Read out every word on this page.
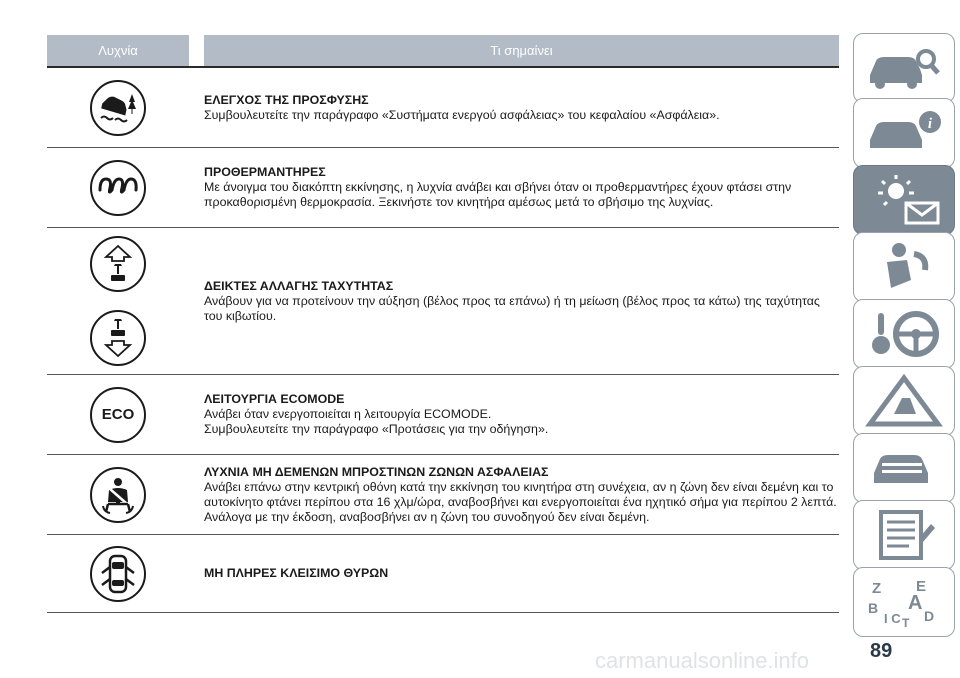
Λυχνία	Τι σημαίνει
ΕΛΕΓΧΟΣ ΤΗΣ ΠΡΟΣΦΥΣΗΣ
Συμβουλευτείτε την παράγραφο «Συστήματα ενεργού ασφάλειας» του κεφαλαίου «Ασφάλεια».
ΠΡΟΘΕΡΜΑΝΤΗΡΕΣ
Με άνοιγμα του διακόπτη εκκίνησης, η λυχνία ανάβει και σβήνει όταν οι προθερμαντήρες έχουν φτάσει στην προκαθορισμένη θερμοκρασία. Ξεκινήστε τον κινητήρα αμέσως μετά το σβήσιμο της λυχνίας.
ΔΕΙΚΤΕΣ ΑΛΛΑΓΗΣ ΤΑΧΥΤΗΤΑΣ
Ανάβουν για να προτείνουν την αύξηση (βέλος προς τα επάνω) ή τη μείωση (βέλος προς τα κάτω) της ταχύτητας του κιβωτίου.
ECO
ΛΕΙΤΟΥΡΓΙΑ ECOMODE
Ανάβει όταν ενεργοποιείται η λειτουργία ECOMODE.
Συμβουλευτείτε την παράγραφο «Προτάσεις για την οδήγηση».
ΛΥΧΝΙΑ ΜΗ ΔΕΜΕΝΩΝ ΜΠΡΟΣΤΙΝΩΝ ΖΩΝΩΝ ΑΣΦΑΛΕΙΑΣ
Ανάβει επάνω στην κεντρική οθόνη κατά την εκκίνηση του κινητήρα στη συνέχεια, αν η ζώνη δεν είναι δεμένη και το αυτοκίνητο φτάνει περίπου στα 16 χλμ/ώρα, αναβοσβήνει και ενεργοποιείται ένα ηχητικό σήμα για περίπου 2 λεπτά.
Ανάλογα με την έκδοση, αναβοσβήνει αν η ζώνη του συνοδηγού δεν είναι δεμένη.
ΜΗ ΠΛΗΡΕΣ ΚΛΕΙΣΙΜΟ ΘΥΡΩΝ
i
Z E
B A
I C D
T
89
carmanualsonline.info
